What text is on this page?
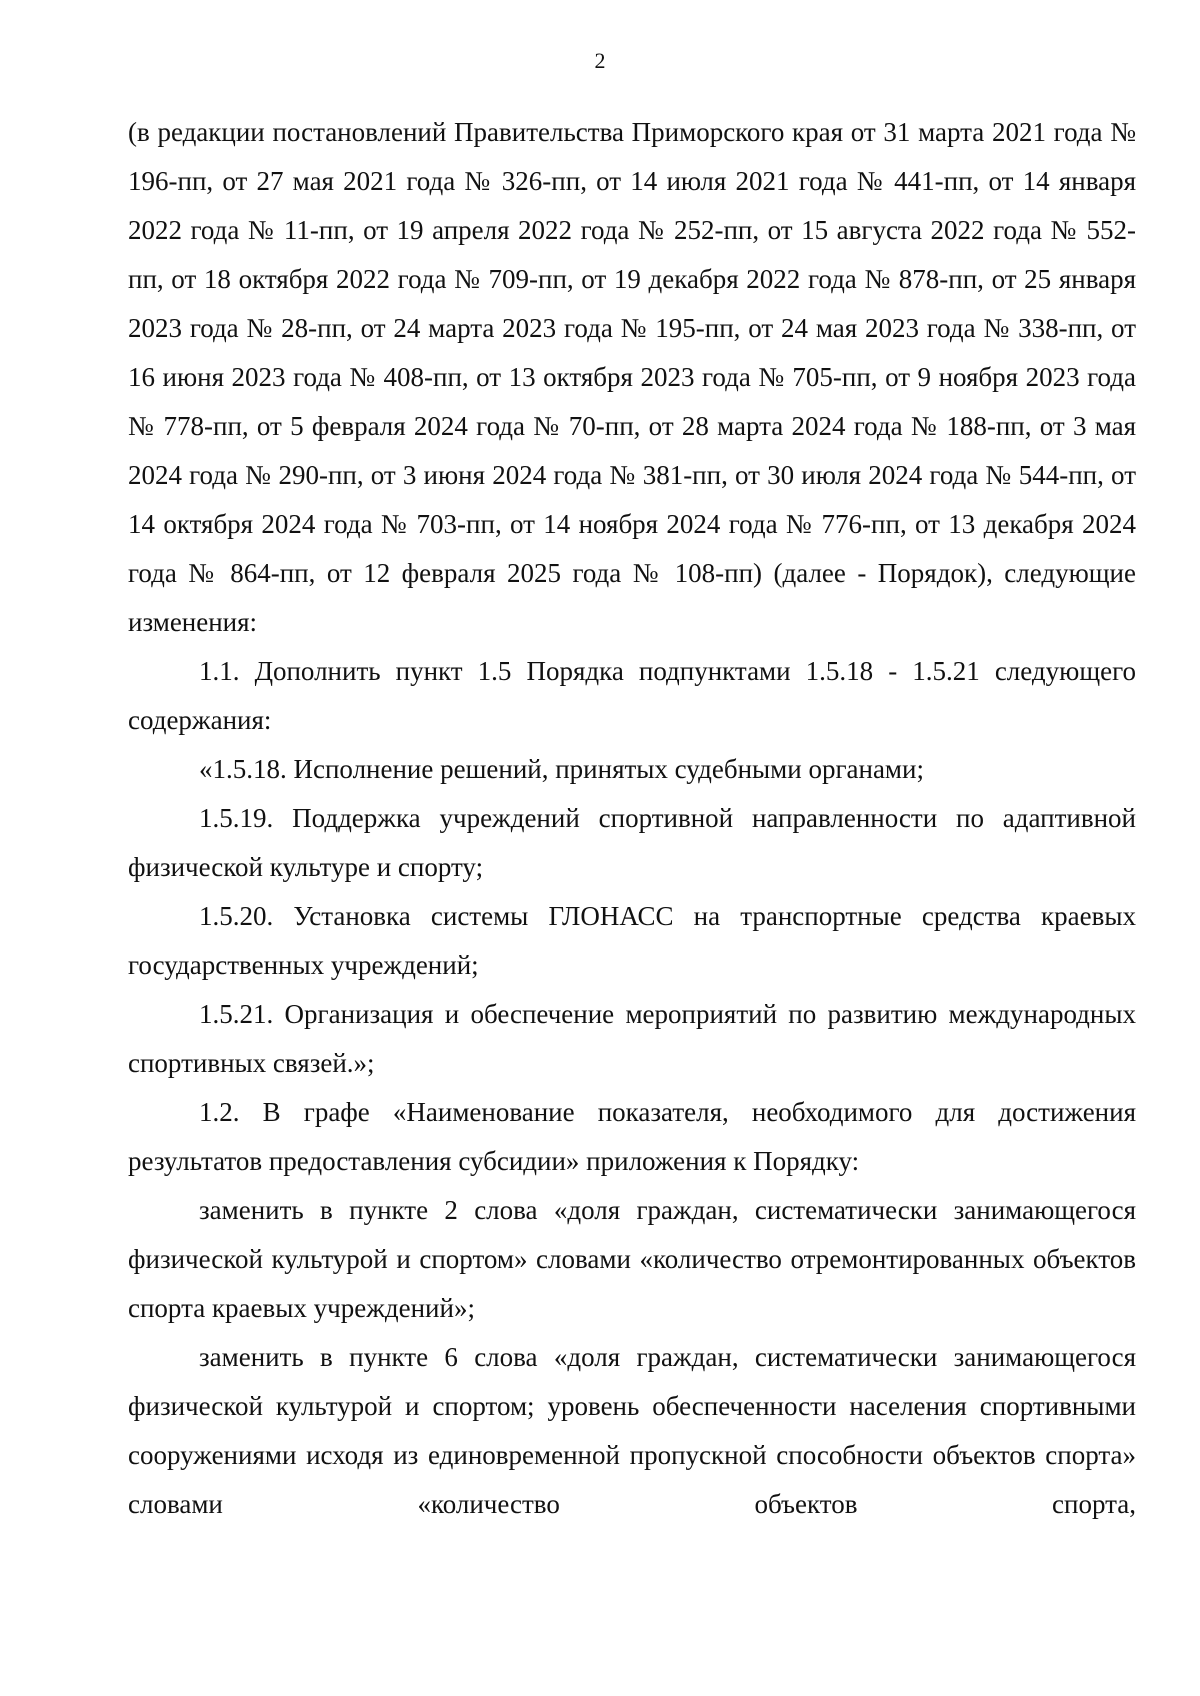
2

(в редакции постановлений Правительства Приморского края от 31 марта 2021 года № 196-пп, от 27 мая 2021 года № 326-пп, от 14 июля 2021 года № 441-пп, от 14 января 2022 года № 11-пп, от 19 апреля 2022 года № 252-пп, от 15 августа 2022 года № 552-пп, от 18 октября 2022 года № 709-пп, от 19 декабря 2022 года № 878-пп, от 25 января 2023 года № 28-пп, от 24 марта 2023 года № 195-пп, от 24 мая 2023 года № 338-пп, от 16 июня 2023 года № 408-пп, от 13 октября 2023 года № 705-пп, от 9 ноября 2023 года № 778-пп, от 5 февраля 2024 года № 70-пп, от 28 марта 2024 года № 188-пп, от 3 мая 2024 года № 290-пп, от 3 июня 2024 года № 381-пп, от 30 июля 2024 года № 544-пп, от 14 октября 2024 года № 703-пп, от 14 ноября 2024 года № 776-пп, от 13 декабря 2024 года № 864-пп, от 12 февраля 2025 года № 108-пп) (далее - Порядок), следующие изменения:

1.1. Дополнить пункт 1.5 Порядка подпунктами 1.5.18 - 1.5.21 следующего содержания:

«1.5.18. Исполнение решений, принятых судебными органами;

1.5.19. Поддержка учреждений спортивной направленности по адаптивной физической культуре и спорту;

1.5.20. Установка системы ГЛОНАСС на транспортные средства краевых государственных учреждений;

1.5.21. Организация и обеспечение мероприятий по развитию международных спортивных связей.»;

1.2. В графе «Наименование показателя, необходимого для достижения результатов предоставления субсидии» приложения к Порядку:

заменить в пункте 2 слова «доля граждан, систематически занимающегося физической культурой и спортом» словами «количество отремонтированных объектов спорта краевых учреждений»;

заменить в пункте 6 слова «доля граждан, систематически занимающегося физической культурой и спортом; уровень обеспеченности населения спортивными сооружениями исходя из единовременной пропускной способности объектов спорта» словами «количество объектов спорта,
